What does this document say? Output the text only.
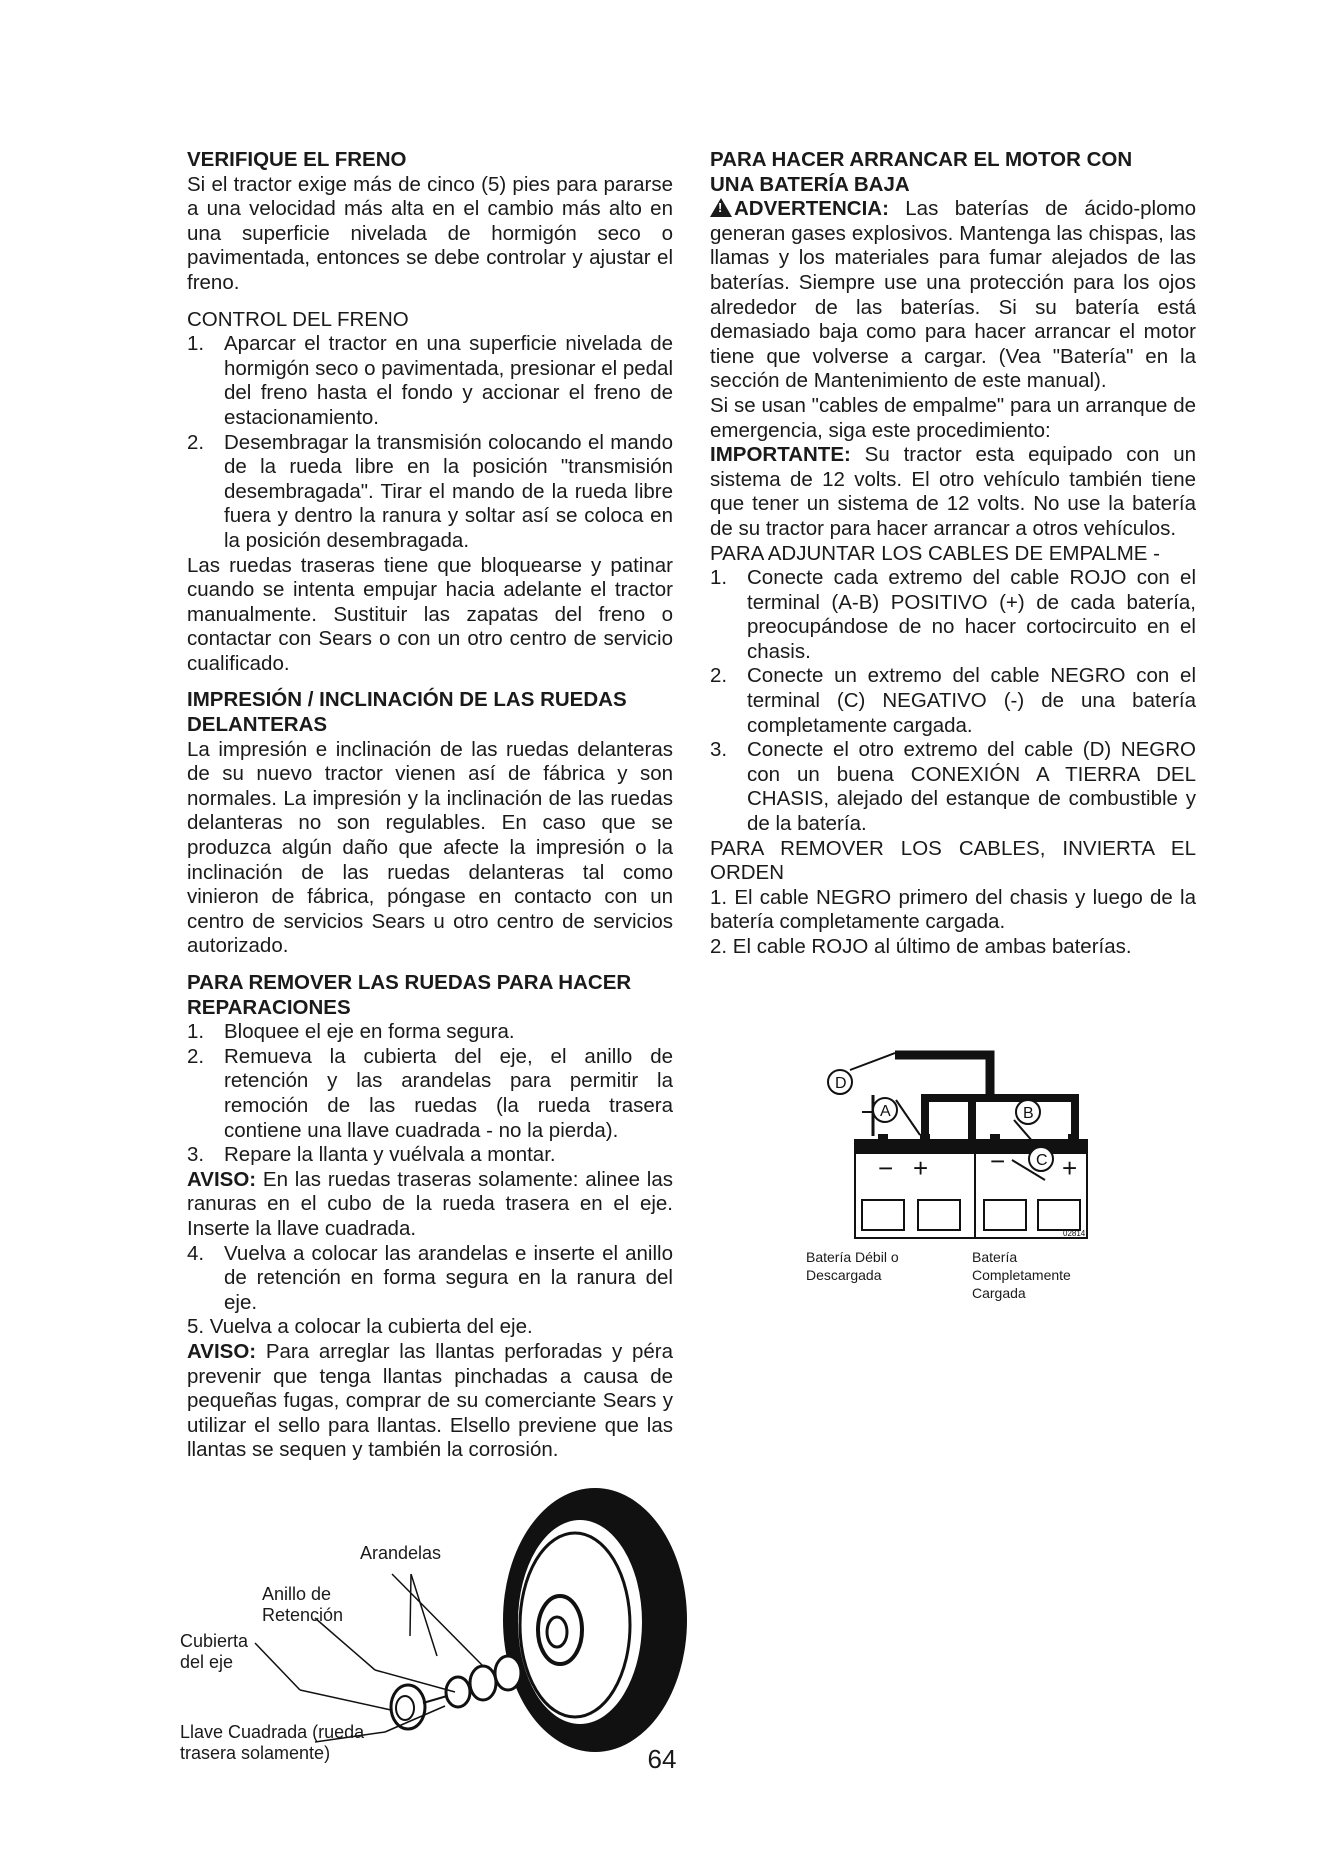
VERIFIQUE EL FRENO

Si el tractor exige más de cinco (5) pies para pararse a una velocidad más alta en el cambio más alto en una superficie nivelada de hormigón seco o pavimentada, entonces se debe controlar y ajustar el freno.

CONTROL DEL FRENO

1. Aparcar el tractor en una superficie nivelada de hormigón seco o pavimentada, presionar el pedal del freno hasta el fondo y accionar el freno de estacionamiento.
2. Desembragar la transmisión colocando el mando de la rueda libre en la posición "transmisión desembragada". Tirar el mando de la rueda libre fuera y dentro la ranura y soltar así se coloca en la posición desembragada.

Las ruedas traseras tiene que bloquearse y patinar cuando se intenta empujar hacia adelante el tractor manualmente. Sustituir las zapatas del freno o contactar con Sears o con un otro centro de servicio cualificado.

IMPRESIÓN / INCLINACIÓN DE LAS RUEDAS DELANTERAS

La impresión e inclinación de las ruedas delanteras de su nuevo tractor vienen así de fábrica y son normales. La impresión y la inclinación de las ruedas delanteras no son regulables. En caso que se produzca algún daño que afecte la impresión o la inclinación de las ruedas delanteras tal como vinieron de fábrica, póngase en contacto con un centro de servicios Sears u otro centro de servicios autorizado.

PARA REMOVER LAS RUEDAS PARA HACER REPARACIONES

1. Bloquee el eje en forma segura.
2. Remueva la cubierta del eje, el anillo de retención y las arandelas para permitir la remoción de las ruedas (la rueda trasera contiene una llave cuadrada - no la pierda).
3. Repare la llanta y vuélvala a montar.

AVISO: En las ruedas traseras solamente: alinee las ranuras en el cubo de la rueda trasera en el eje. Inserte la llave cuadrada.

4. Vuelva a colocar las arandelas e inserte el anillo de retención en forma segura en la ranura del eje.

5. Vuelva a colocar la cubierta del eje.

AVISO: Para arreglar las llantas perforadas y péra prevenir que tenga llantas pinchadas a causa de pequeñas fugas, comprar de su comerciante Sears y utilizar el sello para llantas. Elsello previene que las llantas se sequen y también la corrosión.

Arandelas
Anillo de
Retención
Cubierta
del eje
Llave Cuadrada (rueda
trasera solamente)

PARA HACER ARRANCAR EL MOTOR CON

UNA BATERÍA BAJA

!ADVERTENCIA: Las baterías de ácido-plomo generan gases explosivos. Mantenga las chispas, las llamas y los materiales para fumar alejados de las baterías. Siempre use una protección para los ojos alrededor de las baterías. Si su batería está demasiado baja como para hacer arrancar el motor tiene que volverse a cargar. (Vea "Batería" en la sección de Mantenimiento de este manual).

Si se usan "cables de empalme" para un arranque de emergencia, siga este procedimiento:

IMPORTANTE: Su tractor esta equipado con un sistema de 12 volts. El otro vehículo también tiene que tener un sistema de 12 volts. No use la batería de su tractor para hacer arrancar a otros vehículos.

PARA ADJUNTAR LOS CABLES DE EMPALME -

1. Conecte cada extremo del cable ROJO con el terminal (A-B) POSITIVO (+) de cada batería, preocupándose de no hacer cortocircuito en el chasis.
2. Conecte un extremo del cable NEGRO con el terminal (C) NEGATIVO (-) de una batería completamente cargada.
3. Conecte el otro extremo del cable (D) NEGRO con un buena CONEXIÓN A TIERRA DEL CHASIS, alejado del estanque de combustible y de la batería.

PARA REMOVER LOS CABLES, INVIERTA EL ORDEN

1. El cable NEGRO primero del chasis y luego de la batería completamente cargada.

2. El cable ROJO al último de ambas baterías.

− + − +
D
A	B
C
02814
Batería Débil o
Descargada
Batería
Completamente
Cargada
64
